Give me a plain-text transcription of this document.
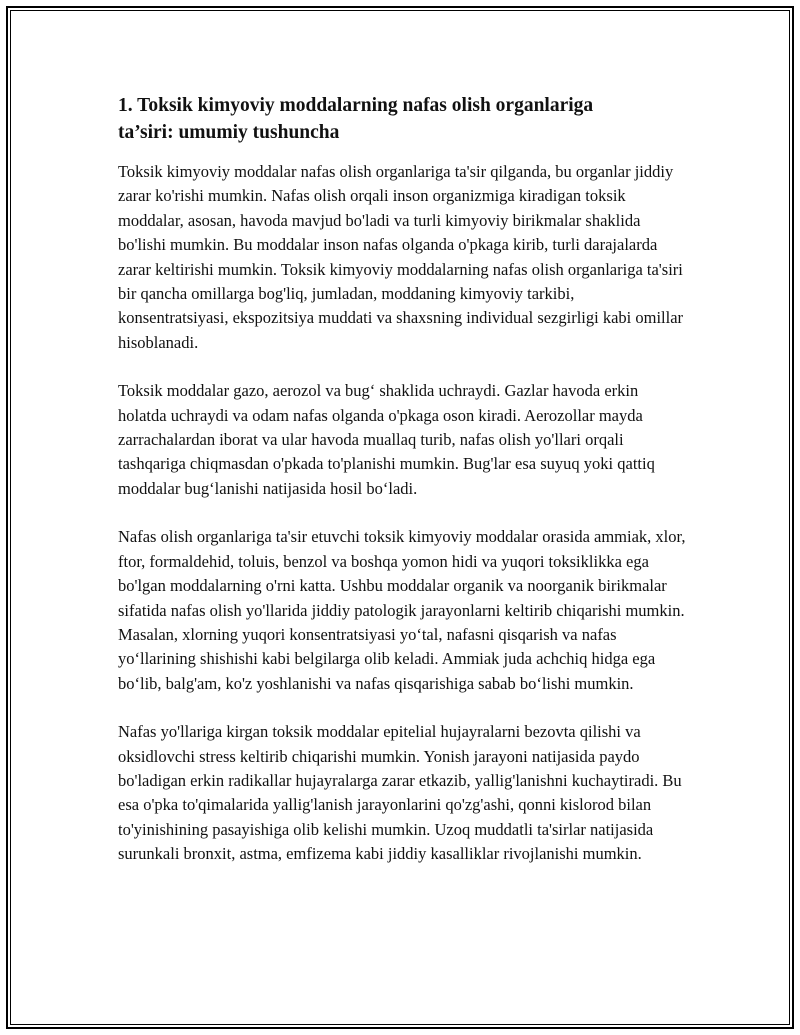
1. Toksik kimyoviy moddalarning nafas olish organlariga ta’siri: umumiy tushuncha

Toksik kimyoviy moddalar nafas olish organlariga ta'sir qilganda, bu organlar jiddiy zarar ko'rishi mumkin. Nafas olish orqali inson organizmiga kiradigan toksik moddalar, asosan, havoda mavjud bo'ladi va turli kimyoviy birikmalar shaklida bo'lishi mumkin. Bu moddalar inson nafas olganda o'pkaga kirib, turli darajalarda zarar keltirishi mumkin. Toksik kimyoviy moddalarning nafas olish organlariga ta'siri bir qancha omillarga bog'liq, jumladan, moddaning kimyoviy tarkibi, konsentratsiyasi, ekspozitsiya muddati va shaxsning individual sezgirligi kabi omillar hisoblanadi.

Toksik moddalar gazo, aerozol va bug‘ shaklida uchraydi. Gazlar havoda erkin holatda uchraydi va odam nafas olganda o'pkaga oson kiradi. Aerozollar mayda zarrachalardan iborat va ular havoda muallaq turib, nafas olish yo'llari orqali tashqariga chiqmasdan o'pkada to'planishi mumkin. Bug'lar esa suyuq yoki qattiq moddalar bug‘lanishi natijasida hosil bo‘ladi.

Nafas olish organlariga ta'sir etuvchi toksik kimyoviy moddalar orasida ammiak, xlor, ftor, formaldehid, toluis, benzol va boshqa yomon hidi va yuqori toksiklikka ega bo'lgan moddalarning o'rni katta. Ushbu moddalar organik va noorganik birikmalar sifatida nafas olish yo'llarida jiddiy patologik jarayonlarni keltirib chiqarishi mumkin. Masalan, xlorning yuqori konsentratsiyasi yo‘tal, nafasni qisqarish va nafas yo‘llarining shishishi kabi belgilarga olib keladi. Ammiak juda achchiq hidga ega bo‘lib, balg'am, ko'z yoshlanishi va nafas qisqarishiga sabab bo‘lishi mumkin.

Nafas yo'llariga kirgan toksik moddalar epitelial hujayralarni bezovta qilishi va oksidlovchi stress keltirib chiqarishi mumkin. Yonish jarayoni natijasida paydo bo'ladigan erkin radikallar hujayralarga zarar etkazib, yallig'lanishni kuchaytiradi. Bu esa o'pka to'qimalarida yallig'lanish jarayonlarini qo'zg'ashi, qonni kislorod bilan to'yinishining pasayishiga olib kelishi mumkin. Uzoq muddatli ta'sirlar natijasida surunkali bronxit, astma, emfizema kabi jiddiy kasalliklar rivojlanishi mumkin.
